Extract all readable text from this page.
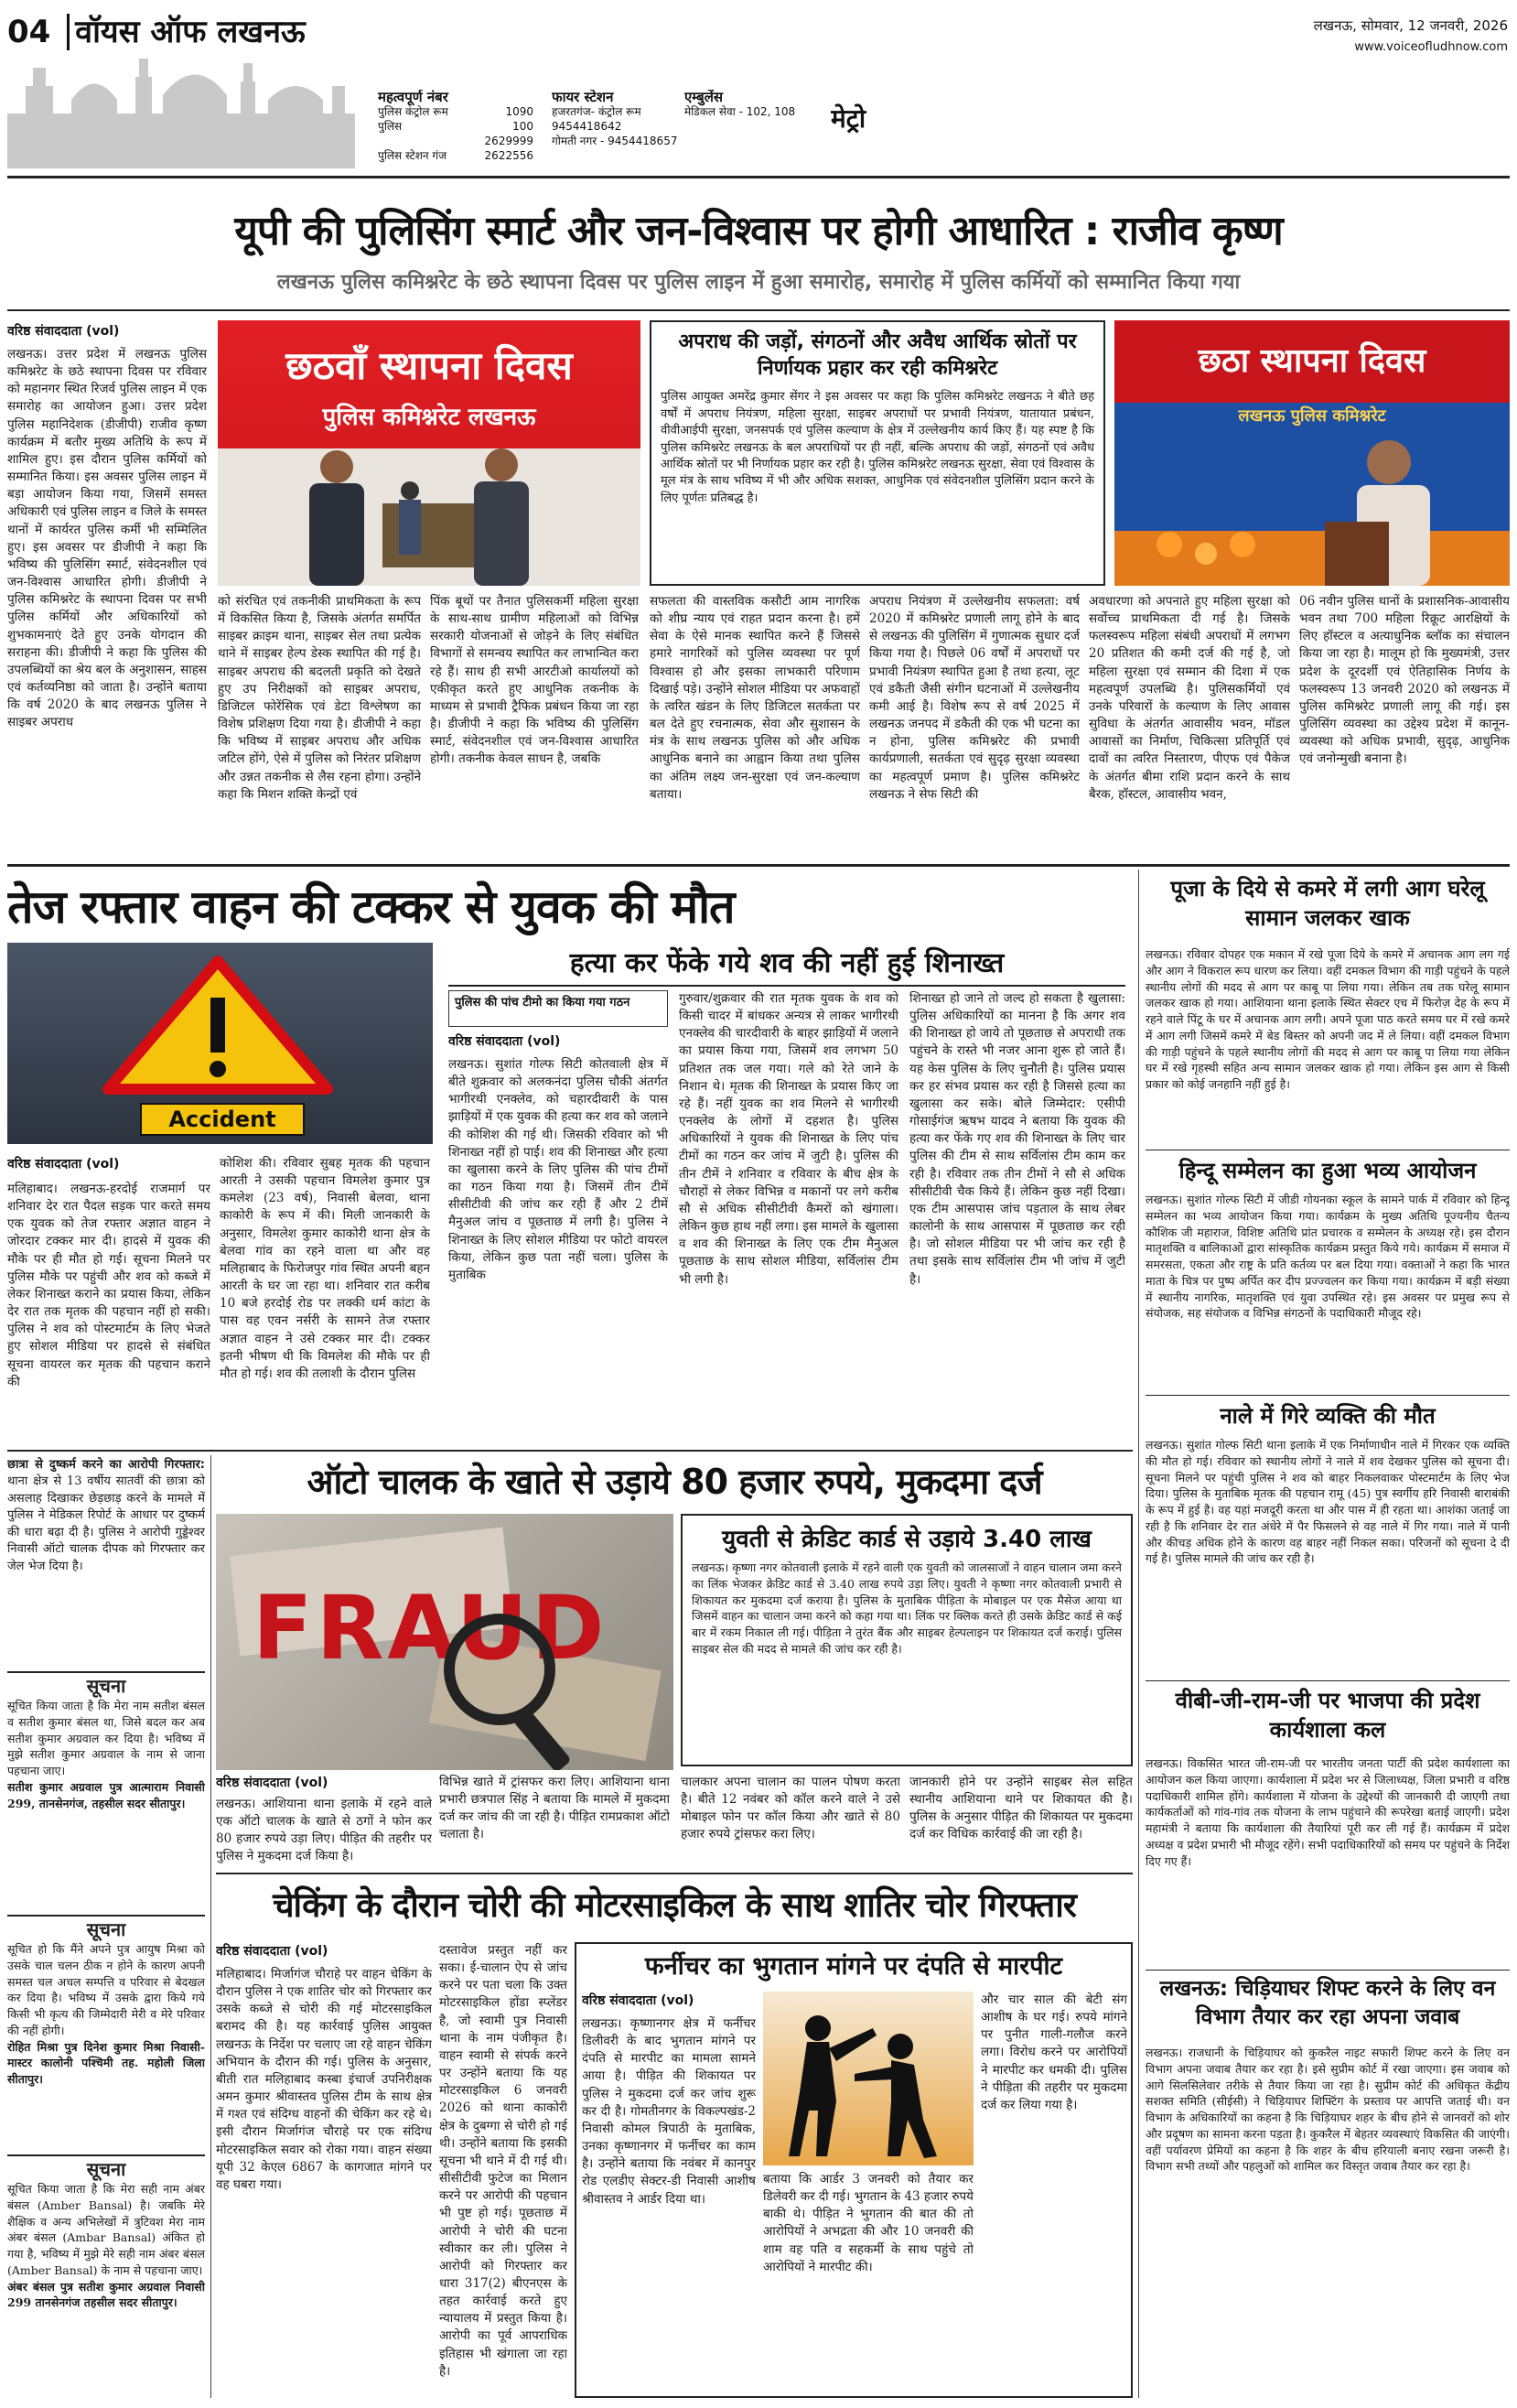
04 वॉयस ऑफ लखनऊ	लखनऊ, सोमवार, 12 जनवरी, 2026
www.voiceofludhnow.com
महत्वपूर्ण नंबर
पुलिस कंट्रोल रूम	1090
पुलिस	100
2629999
पुलिस स्टेशन गंज	2622556
फायर स्टेशन
हजरतगंज- कंट्रोल रूम
9454418642
गोमती नगर - 9454418657
एम्बुलेंस
मेडिकल सेवा - 102, 108	मेट्रो
यूपी की पुलिसिंग स्मार्ट और जन-विश्वास पर होगी आधारित : राजीव कृष्ण
लखनऊ पुलिस कमिश्नरेट के छठे स्थापना दिवस पर पुलिस लाइन में हुआ समारोह, समारोह में पुलिस कर्मियों को सम्मानित किया गया
वरिष्ठ संवाददाता (vol)
लखनऊ। उत्तर प्रदेश में लखनऊ पुलिस कमिश्नरेट के छठे स्थापना दिवस पर रविवार को महानगर स्थित रिजर्व पुलिस लाइन में एक समारोह का आयोजन हुआ। उत्तर प्रदेश पुलिस महानिदेशक (डीजीपी) राजीव कृष्ण कार्यक्रम में बतौर मुख्य अतिथि के रूप में शामिल हुए। इस दौरान पुलिस कर्मियों को सम्मानित किया। इस अवसर पुलिस लाइन में बड़ा आयोजन किया गया, जिसमें समस्त अधिकारी एवं पुलिस लाइन व जिले के समस्त थानों में कार्यरत पुलिस कर्मी भी सम्मिलित हुए। इस अवसर पर डीजीपी ने कहा कि भविष्य की पुलिसिंग स्मार्ट, संवेदनशील एवं जन-विश्वास आधारित होगी। डीजीपी ने पुलिस कमिश्नरेट के स्थापना दिवस पर सभी पुलिस कर्मियों और अधिकारियों को शुभकामनाएं देते हुए उनके योगदान की सराहना की। डीजीपी ने कहा कि पुलिस की उपलब्धियों का श्रेय बल के अनुशासन, साहस एवं कर्तव्यनिष्ठा को जाता है। उन्होंने बताया कि वर्ष 2020 के बाद लखनऊ पुलिस ने साइबर अपराध
छठवाँ स्थापना दिवस
पुलिस कमिश्नरेट लखनऊ
अपराध की जड़ों, संगठनों और अवैध आर्थिक स्रोतों पर निर्णायक प्रहार कर रही कमिश्नरेट
पुलिस आयुक्त अमरेंद्र कुमार सेंगर ने इस अवसर पर कहा कि पुलिस कमिश्नरेट लखनऊ ने बीते छह वर्षों में अपराध नियंत्रण, महिला सुरक्षा, साइबर अपराधों पर प्रभावी नियंत्रण, यातायात प्रबंधन, वीवीआईपी सुरक्षा, जनसपर्क एवं पुलिस कल्याण के क्षेत्र में उल्लेखनीय कार्य किए हैं। यह स्पष्ट है कि पुलिस कमिश्नरेट लखनऊ के बल अपराधियों पर ही नहीं, बल्कि अपराध की जड़ों, संगठनों एवं अवैध आर्थिक स्रोतों पर भी निर्णायक प्रहार कर रही है। पुलिस कमिश्नरेट लखनऊ सुरक्षा, सेवा एवं विश्वास के मूल मंत्र के साथ भविष्य में भी और अधिक सशक्त, आधुनिक एवं संवेदनशील पुलिसिंग प्रदान करने के लिए पूर्णतः प्रतिबद्ध है।
छठा स्थापना दिवस
लखनऊ पुलिस कमिश्नरेट
को संरचित एवं तकनीकी प्राथमिकता के रूप में विकसित किया है, जिसके अंतर्गत समर्पित साइबर क्राइम थाना, साइबर सेल तथा प्रत्येक थाने में साइबर हेल्प डेस्क स्थापित की गई है। साइबर अपराध की बदलती प्रकृति को देखते हुए उप निरीक्षकों को साइबर अपराध, डिजिटल फोरेंसिक एवं डेटा विश्लेषण का विशेष प्रशिक्षण दिया गया है। डीजीपी ने कहा कि भविष्य में साइबर अपराध और अधिक जटिल होंगे, ऐसे में पुलिस को निरंतर प्रशिक्षण और उन्नत तकनीक से लैस रहना होगा। उन्होंने कहा कि मिशन शक्ति केन्द्रों एवं
पिंक बूथों पर तैनात पुलिसकर्मी महिला सुरक्षा के साथ-साथ ग्रामीण महिलाओं को विभिन्न सरकारी योजनाओं से जोड़ने के लिए संबंधित विभागों से समन्वय स्थापित कर लाभान्वित करा रहे हैं। साथ ही सभी आरटीओ कार्यालयों को एकीकृत करते हुए आधुनिक तकनीक के माध्यम से प्रभावी ट्रैफिक प्रबंधन किया जा रहा है। डीजीपी ने कहा कि भविष्य की पुलिसिंग स्मार्ट, संवेदनशील एवं जन-विश्वास आधारित होगी। तकनीक केवल साधन है, जबकि
सफलता की वास्तविक कसौटी आम नागरिक को शीघ्र न्याय एवं राहत प्रदान करना है। हमें सेवा के ऐसे मानक स्थापित करने हैं जिससे हमारे नागरिकों को पुलिस व्यवस्था पर पूर्ण विश्वास हो और इसका लाभकारी परिणाम दिखाई पड़े। उन्होंने सोशल मीडिया पर अफवाहों के त्वरित खंडन के लिए डिजिटल सतर्कता पर बल देते हुए रचनात्मक, सेवा और सुशासन के मंत्र के साथ लखनऊ पुलिस को और अधिक आधुनिक बनाने का आह्वान किया तथा पुलिस का अंतिम लक्ष्य जन-सुरक्षा एवं जन-कल्याण बताया।
अपराध नियंत्रण में उल्लेखनीय सफलता: वर्ष 2020 में कमिश्नरेट प्रणाली लागू होने के बाद से लखनऊ की पुलिसिंग में गुणात्मक सुधार दर्ज किया गया है। पिछले 06 वर्षों में अपराधों पर प्रभावी नियंत्रण स्थापित हुआ है तथा हत्या, लूट एवं डकैती जैसी संगीन घटनाओं में उल्लेखनीय कमी आई है। विशेष रूप से वर्ष 2025 में लखनऊ जनपद में डकैती की एक भी घटना का न होना, पुलिस कमिश्नरेट की प्रभावी कार्यप्रणाली, सतर्कता एवं सुदृढ़ सुरक्षा व्यवस्था का महत्वपूर्ण प्रमाण है। पुलिस कमिश्नरेट लखनऊ ने सेफ सिटी की
अवधारणा को अपनाते हुए महिला सुरक्षा को सर्वोच्च प्राथमिकता दी गई है। जिसके फलस्वरूप महिला संबंधी अपराधों में लगभग 20 प्रतिशत की कमी दर्ज की गई है, जो महिला सुरक्षा एवं सम्मान की दिशा में एक महत्वपूर्ण उपलब्धि है। पुलिसकर्मियों एवं उनके परिवारों के कल्याण के लिए आवास सुविधा के अंतर्गत आवासीय भवन, मॉडल आवासों का निर्माण, चिकित्सा प्रतिपूर्ति एवं दावों का त्वरित निस्तारण, पीएफ एवं पैकेज के अंतर्गत बीमा राशि प्रदान करने के साथ बैरक, हॉस्टल, आवासीय भवन,
06 नवीन पुलिस थानों के प्रशासनिक-आवासीय भवन तथा 700 महिला रिक्रूट आरक्षियों के लिए हॉस्टल व अत्याधुनिक ब्लॉक का संचालन किया जा रहा है। मालूम हो कि मुख्यमंत्री, उत्तर प्रदेश के दूरदर्शी एवं ऐतिहासिक निर्णय के फलस्वरूप 13 जनवरी 2020 को लखनऊ में पुलिस कमिश्नरेट प्रणाली लागू की गई। इस पुलिसिंग व्यवस्था का उद्देश्य प्रदेश में कानून-व्यवस्था को अधिक प्रभावी, सुदृढ़, आधुनिक एवं जनोन्मुखी बनाना है।
तेज रफ्तार वाहन की टक्कर से युवक की मौत
Accident
वरिष्ठ संवाददाता (vol)
मलिहाबाद। लखनऊ-हरदोई राजमार्ग पर शनिवार देर रात पैदल सड़क पार करते समय एक युवक को तेज रफ्तार अज्ञात वाहन ने जोरदार टक्कर मार दी। हादसे में युवक की मौके पर ही मौत हो गई। सूचना मिलने पर पुलिस मौके पर पहुंची और शव को कब्जे में लेकर शिनाख्त कराने का प्रयास किया, लेकिन देर रात तक मृतक की पहचान नहीं हो सकी। पुलिस ने शव को पोस्टमार्टम के लिए भेजते हुए सोशल मीडिया पर हादसे से संबंधित सूचना वायरल कर मृतक की पहचान कराने की
कोशिश की। रविवार सुबह मृतक की पहचान आरती ने उसकी पहचान विमलेश कुमार पुत्र कमलेश (23 वर्ष), निवासी बेलवा, थाना काकोरी के रूप में की। मिली जानकारी के अनुसार, विमलेश कुमार काकोरी थाना क्षेत्र के बेलवा गांव का रहने वाला था और वह मलिहाबाद के फिरोजपुर गांव स्थित अपनी बहन आरती के घर जा रहा था। शनिवार रात करीब 10 बजे हरदोई रोड पर लक्की धर्म कांटा के पास वह एवन नर्सरी के सामने तेज रफ्तार अज्ञात वाहन ने उसे टक्कर मार दी। टक्कर इतनी भीषण थी कि विमलेश की मौके पर ही मौत हो गई। शव की तलाशी के दौरान पुलिस
हत्या कर फेंके गये शव की नहीं हुई शिनाख्त
पुलिस की पांच टीमो का किया गया गठन
वरिष्ठ संवाददाता (vol)
लखनऊ। सुशांत गोल्फ सिटी कोतवाली क्षेत्र में बीते शुक्रवार को अलकनंदा पुलिस चौकी अंतर्गत भागीरथी एनक्लेव, को चहारदीवारी के पास झाड़ियों में एक युवक की हत्या कर शव को जलाने की कोशिश की गई थी। जिसकी रविवार को भी शिनाख्त नहीं हो पाई। शव की शिनाख्त और हत्या का खुलासा करने के लिए पुलिस की पांच टीमों का गठन किया गया है। जिसमें तीन टीमें सीसीटीवी की जांच कर रही हैं और 2 टीमें मैनुअल जांच व पूछताछ में लगी है। पुलिस ने शिनाख्त के लिए सोशल मीडिया पर फोटो वायरल किया, लेकिन कुछ पता नहीं चला। पुलिस के मुताबिक
गुरुवार/शुक्रवार की रात मृतक युवक के शव को किसी चादर में बांधकर अन्यत्र से लाकर भागीरथी एनक्लेव की चारदीवारी के बाहर झाड़ियों में जलाने का प्रयास किया गया, जिसमें शव लगभग 50 प्रतिशत तक जल गया। गले को रेते जाने के निशान थे। मृतक की शिनाख्त के प्रयास किए जा रहे हैं। नहीं युवक का शव मिलने से भागीरथी एनक्लेव के लोगों में दहशत है। पुलिस अधिकारियों ने युवक की शिनाख्त के लिए पांच टीमों का गठन कर जांच में जुटी है। पुलिस की तीन टीमें ने शनिवार व रविवार के बीच क्षेत्र के चौराहों से लेकर विभिन्न व मकानों पर लगे करीब सौ से अधिक सीसीटीवी कैमरों को खंगाला। लेकिन कुछ हाथ नहीं लगा। इस मामले के खुलासा व शव की शिनाख्त के लिए एक टीम मैनुअल पूछताछ के साथ सोशल मीडिया, सर्विलांस टीम भी लगी है।
शिनाख्त हो जाने तो जल्द हो सकता है खुलासा: पुलिस अधिकारियों का मानना है कि अगर शव की शिनाख्त हो जाये तो पूछताछ से अपराधी तक पहुंचने के रास्ते भी नजर आना शुरू हो जाते हैं। यह केस पुलिस के लिए चुनौती है। पुलिस प्रयास कर हर संभव प्रयास कर रही है जिससे हत्या का खुलासा कर सके। बोले जिम्मेदार: एसीपी गोसाईगंज ऋषभ यादव ने बताया कि युवक की हत्या कर फेंके गए शव की शिनाख्त के लिए चार पुलिस की टीम से साथ सर्विलांस टीम काम कर रही है। रविवार तक तीन टीमों ने सौ से अधिक सीसीटीवी चैक किये हैं। लेकिन कुछ नहीं दिखा। एक टीम आसपास जांच पड़ताल के साथ लेबर कालोनी के साथ आसपास में पूछताछ कर रही है। जो सोशल मीडिया पर भी जांच कर रही है तथा इसके साथ सर्विलांस टीम भी जांच में जुटी है।
पूजा के दिये से कमरे में लगी आग घरेलू सामान जलकर खाक
लखनऊ। रविवार दोपहर एक मकान में रखे पूजा दिये के कमरे में अचानक आग लग गई और आग ने विकराल रूप धारण कर लिया। वहीं दमकल विभाग की गाड़ी पहुंचने के पहले स्थानीय लोगों की मदद से आग पर काबू पा लिया गया। लेकिन तब तक घरेलू सामान जलकर खाक हो गया। आशियाना थाना इलाके स्थित सेक्टर एच में फिरोज़ देह के रूप में रहने वाले पिंटू के घर में अचानक आग लगी। अपने पूजा पाठ करते समय घर में रखे कमरे में आग लगी जिसमें कमरे में बेड बिस्तर को अपनी जद में ले लिया। वहीं दमकल विभाग की गाड़ी पहुंचने के पहले स्थानीय लोगों की मदद से आग पर काबू पा लिया गया लेकिन घर में रखे गृहस्थी सहित अन्य सामान जलकर खाक हो गया। लेकिन इस आग से किसी प्रकार को कोई जनहानि नहीं हुई है।
हिन्दू सम्मेलन का हुआ भव्य आयोजन
लखनऊ। सुशांत गोल्फ सिटी में जीडी गोयनका स्कूल के सामने पार्क में रविवार को हिन्दू सम्मेलन का भव्य आयोजन किया गया। कार्यक्रम के मुख्य अतिथि पूज्यनीय चैतन्य कौशिक जी महाराज, विशिष्ट अतिथि प्रांत प्रचारक व सम्मेलन के अध्यक्ष रहे। इस दौरान मातृशक्ति व बालिकाओं द्वारा सांस्कृतिक कार्यक्रम प्रस्तुत किये गये। कार्यक्रम में समाज में समरसता, एकता और राष्ट्र के प्रति कर्तव्य पर बल दिया गया। वक्ताओं ने कहा कि भारत माता के चित्र पर पुष्प अर्पित कर दीप प्रज्ज्वलन कर किया गया। कार्यक्रम में बड़ी संख्या में स्थानीय नागरिक, मातृशक्ति एवं युवा उपस्थित रहे। इस अवसर पर प्रमुख रूप से संयोजक, सह संयोजक व विभिन्न संगठनों के पदाधिकारी मौजूद रहे।
नाले में गिरे व्यक्ति की मौत
लखनऊ। सुशांत गोल्फ सिटी थाना इलाके में एक निर्माणाधीन नाले में गिरकर एक व्यक्ति की मौत हो गई। रविवार को स्थानीय लोगों ने नाले में शव देखकर पुलिस को सूचना दी। सूचना मिलने पर पहुंची पुलिस ने शव को बाहर निकलवाकर पोस्टमार्टम के लिए भेज दिया। पुलिस के मुताबिक मृतक की पहचान रामू (45) पुत्र स्वर्गीय हरि निवासी बाराबंकी के रूप में हुई है। वह यहां मजदूरी करता था और पास में ही रहता था। आशंका जताई जा रही है कि शनिवार देर रात अंधेरे में पैर फिसलने से वह नाले में गिर गया। नाले में पानी और कीचड़ अधिक होने के कारण वह बाहर नहीं निकल सका। परिजनों को सूचना दे दी गई है। पुलिस मामले की जांच कर रही है।
वीबी-जी-राम-जी पर भाजपा की प्रदेश कार्यशाला कल
लखनऊ। विकसित भारत जी-राम-जी पर भारतीय जनता पार्टी की प्रदेश कार्यशाला का आयोजन कल किया जाएगा। कार्यशाला में प्रदेश भर से जिलाध्यक्ष, जिला प्रभारी व वरिष्ठ पदाधिकारी शामिल होंगे। कार्यशाला में योजना के उद्देश्यों की जानकारी दी जाएगी तथा कार्यकर्ताओं को गांव-गांव तक योजना के लाभ पहुंचाने की रूपरेखा बताई जाएगी। प्रदेश महामंत्री ने बताया कि कार्यशाला की तैयारियां पूरी कर ली गई हैं। कार्यक्रम में प्रदेश अध्यक्ष व प्रदेश प्रभारी भी मौजूद रहेंगे। सभी पदाधिकारियों को समय पर पहुंचने के निर्देश दिए गए हैं।
लखनऊ: चिड़ियाघर शिफ्ट करने के लिए वन विभाग तैयार कर रहा अपना जवाब
लखनऊ। राजधानी के चिड़ियाघर को कुकरैल नाइट सफारी शिफ्ट करने के लिए वन विभाग अपना जवाब तैयार कर रहा है। इसे सुप्रीम कोर्ट में रखा जाएगा। इस जवाब को आगे सिलसिलेवार तरीके से तैयार किया जा रहा है। सुप्रीम कोर्ट की अधिकृत केंद्रीय सशक्त समिति (सीईसी) ने चिड़ियाघर शिफ्टिंग के प्रस्ताव पर आपत्ति जताई थी। वन विभाग के अधिकारियों का कहना है कि चिड़ियाघर शहर के बीच होने से जानवरों को शोर और प्रदूषण का सामना करना पड़ता है। कुकरैल में बेहतर व्यवस्थाएं विकसित की जाएंगी। वहीं पर्यावरण प्रेमियों का कहना है कि शहर के बीच हरियाली बनाए रखना जरूरी है। विभाग सभी तथ्यों और पहलुओं को शामिल कर विस्तृत जवाब तैयार कर रहा है।
छात्रा से दुष्कर्म करने का आरोपी गिरफ्तार: थाना क्षेत्र से 13 वर्षीय सातवीं की छात्रा को असलाह दिखाकर छेड़छाड़ करने के मामले में पुलिस ने मेडिकल रिपोर्ट के आधार पर दुष्कर्म की धारा बढ़ा दी है। पुलिस ने आरोपी गुड्डेश्वर निवासी ऑटो चालक दीपक को गिरफ्तार कर जेल भेज दिया है।
सूचना
सूचित किया जाता है कि मेरा नाम सतीश बंसल व सतीश कुमार बंसल था, जिसे बदल कर अब सतीश कुमार अग्रवाल कर दिया है। भविष्य में मुझे सतीश कुमार अग्रवाल के नाम से जाना पहचाना जाए।
सतीश कुमार अग्रवाल पुत्र आत्माराम निवासी 299, तानसेनगंज, तहसील सदर सीतापुर।
सूचना
सूचित हो कि मैंने अपने पुत्र आयुष मिश्रा को उसके चाल चलन ठीक न होने के कारण अपनी समस्त चल अचल सम्पत्ति व परिवार से बेदखल कर दिया है। भविष्य में उसके द्वारा किये गये किसी भी कृत्य की जिम्मेदारी मेरी व मेरे परिवार की नहीं होगी।
रोहित मिश्रा पुत्र दिनेश कुमार मिश्रा निवासी- मास्टर कालोनी पश्चिमी तह. महोली जिला सीतापुर।
सूचना
सूचित किया जाता है कि मेरा सही नाम अंबर बंसल (Amber Bansal) है। जबकि मेरे शैक्षिक व अन्य अभिलेखों में त्रुटिवश मेरा नाम अंबर बंसल (Ambar Bansal) अंकित हो गया है, भविष्य में मुझे मेरे सही नाम अंबर बंसल (Amber Bansal) के नाम से पहचाना जाए।
अंबर बंसल पुत्र सतीश कुमार अग्रवाल निवासी 299 तानसेनगंज तहसील सदर सीतापुर।
ऑटो चालक के खाते से उड़ाये 80 हजार रुपये, मुकदमा दर्ज
FRAUD
युवती से क्रेडिट कार्ड से उड़ाये 3.40 लाख
लखनऊ। कृष्णा नगर कोतवाली इलाके में रहने वाली एक युवती को जालसाजों ने वाहन चालान जमा करने का लिंक भेजकर क्रेडिट कार्ड से 3.40 लाख रुपये उड़ा लिए। युवती ने कृष्णा नगर कोतवाली प्रभारी से शिकायत कर मुकदमा दर्ज कराया है। पुलिस के मुताबिक पीड़िता के मोबाइल पर एक मैसेज आया था जिसमें वाहन का चालान जमा करने को कहा गया था। लिंक पर क्लिक करते ही उसके क्रेडिट कार्ड से कई बार में रकम निकाल ली गई। पीड़िता ने तुरंत बैंक और साइबर हेल्पलाइन पर शिकायत दर्ज कराई। पुलिस साइबर सेल की मदद से मामले की जांच कर रही है।
वरिष्ठ संवाददाता (vol)
लखनऊ। आशियाना थाना इलाके में रहने वाले एक ऑटो चालक के खाते से ठगों ने फोन कर 80 हजार रुपये उड़ा लिए। पीड़ित की तहरीर पर पुलिस ने मुकदमा दर्ज किया है।
विभिन्न खाते में ट्रांसफर करा लिए। आशियाना थाना प्रभारी छत्रपाल सिंह ने बताया कि मामले में मुकदमा दर्ज कर जांच की जा रही है। पीड़ित रामप्रकाश ऑटो चलाता है।
चालकार अपना चालान का पालन पोषण करता है। बीते 12 नवंबर को कॉल करने वाले ने उसे मोबाइल फोन पर कॉल किया और खाते से 80 हजार रुपये ट्रांसफर करा लिए।
जानकारी होने पर उन्होंने साइबर सेल सहित स्थानीय आशियाना थाने पर शिकायत की है। पुलिस के अनुसार पीड़ित की शिकायत पर मुकदमा दर्ज कर विधिक कार्रवाई की जा रही है।
चेकिंग के दौरान चोरी की मोटरसाइकिल के साथ शातिर चोर गिरफ्तार
वरिष्ठ संवाददाता (vol)
मलिहाबाद। मिर्जागंज चौराहे पर वाहन चेकिंग के दौरान पुलिस ने एक शातिर चोर को गिरफ्तार कर उसके कब्जे से चोरी की गई मोटरसाइकिल बरामद की है। यह कार्रवाई पुलिस आयुक्त लखनऊ के निर्देश पर चलाए जा रहे वाहन चेकिंग अभियान के दौरान की गई। पुलिस के अनुसार, बीती रात मलिहाबाद कस्बा इंचार्ज उपनिरीक्षक अमन कुमार श्रीवास्तव पुलिस टीम के साथ क्षेत्र में गश्त एवं संदिग्ध वाहनों की चेकिंग कर रहे थे। इसी दौरान मिर्जागंज चौराहे पर एक संदिग्ध मोटरसाइकिल सवार को रोका गया। वाहन संख्या यूपी 32 केएल 6867 के कागजात मांगने पर वह घबरा गया।
दस्तावेज प्रस्तुत नहीं कर सका। ई-चालान ऐप से जांच करने पर पता चला कि उक्त मोटरसाइकिल होंडा स्प्लेंडर है, जो स्वामी पुत्र निवासी थाना के नाम पंजीकृत है। वाहन स्वामी से संपर्क करने पर उन्होंने बताया कि यह मोटरसाइकिल 6 जनवरी 2026 को थाना काकोरी क्षेत्र के दुबग्गा से चोरी हो गई थी। उन्होंने बताया कि इसकी सूचना भी थाने में दी गई थी। सीसीटीवी फुटेज का मिलान करने पर आरोपी की पहचान भी पुष्ट हो गई। पूछताछ में आरोपी ने चोरी की घटना स्वीकार कर ली। पुलिस ने आरोपी को गिरफ्तार कर धारा 317(2) बीएनएस के तहत कार्रवाई करते हुए न्यायालय में प्रस्तुत किया है। आरोपी का पूर्व आपराधिक इतिहास भी खंगाला जा रहा है।
फर्नीचर का भुगतान मांगने पर दंपति से मारपीट
वरिष्ठ संवाददाता (vol)
लखनऊ। कृष्णानगर क्षेत्र में फर्नीचर डिलीवरी के बाद भुगतान मांगने पर दंपति से मारपीट का मामला सामने आया है। पीड़ित की शिकायत पर पुलिस ने मुकदमा दर्ज कर जांच शुरू कर दी है। गोमतीनगर के विकल्पखंड-2 निवासी कोमल त्रिपाठी के मुताबिक, उनका कृष्णानगर में फर्नीचर का काम है। उन्होंने बताया कि नवंबर में कानपुर रोड एलडीए सेक्टर-डी निवासी आशीष श्रीवास्तव ने आर्डर दिया था।
बताया कि आर्डर 3 जनवरी को तैयार कर डिलेवरी कर दी गई। भुगतान के 43 हजार रुपये बाकी थे। पीड़ित ने भुगतान की बात की तो आरोपियों ने अभद्रता की और 10 जनवरी की शाम वह पति व सहकर्मी के साथ पहुंचे तो आरोपियों ने मारपीट की।
और चार साल की बेटी संग आशीष के घर गई। रुपये मांगने पर पुनीत गाली-गलौज करने लगा। विरोध करने पर आरोपियों ने मारपीट कर धमकी दी। पुलिस ने पीड़िता की तहरीर पर मुकदमा दर्ज कर लिया गया है।
